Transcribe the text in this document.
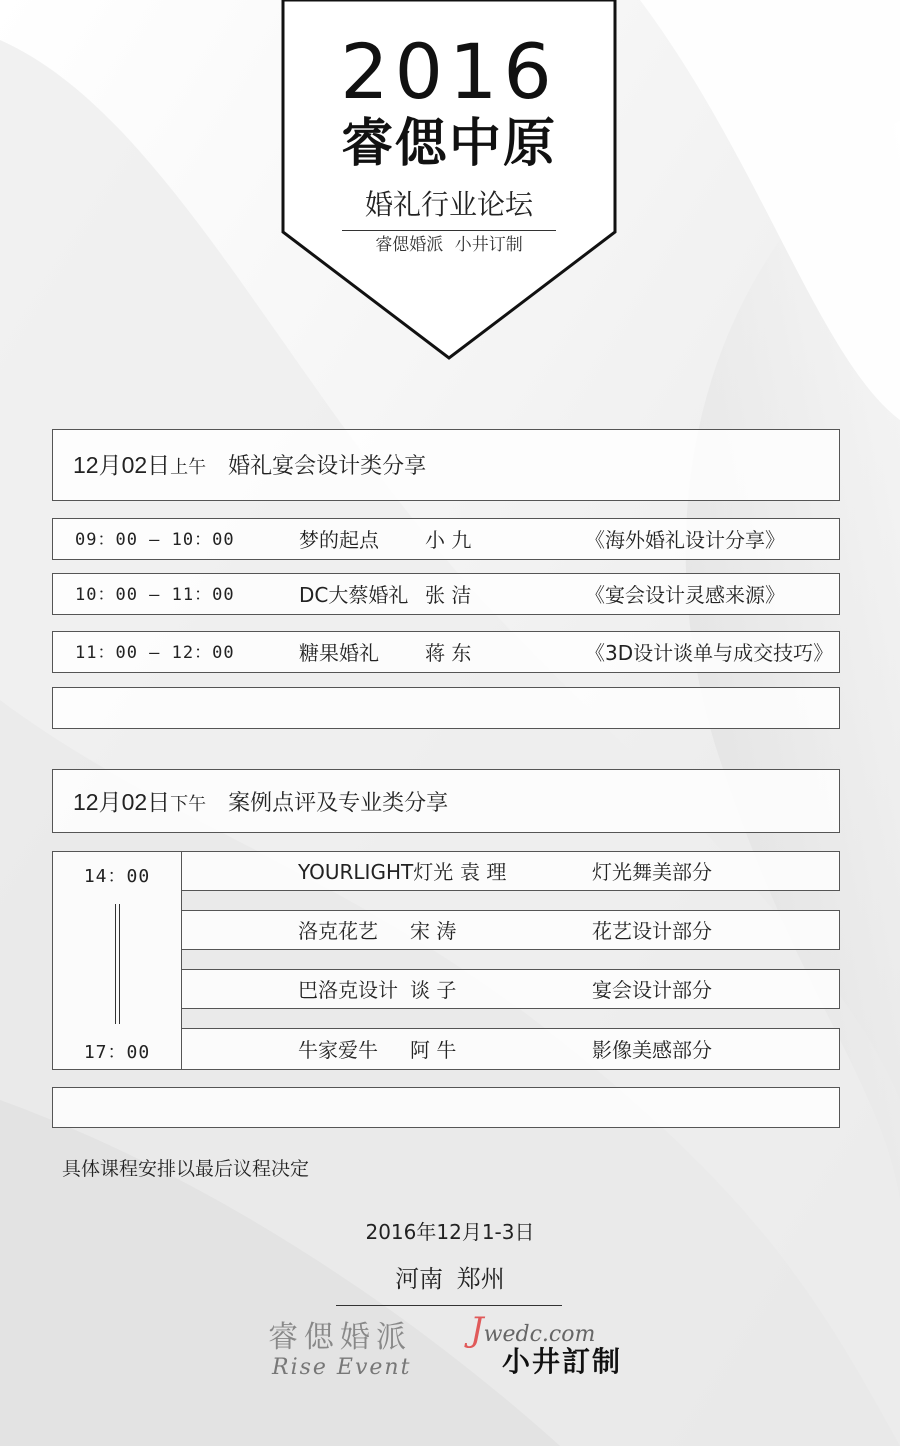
2016
睿偲中原
婚礼行业论坛
睿偲婚派 小井订制
12月02日上午 婚礼宴会设计类分享
09：00 – 10：00	梦的起点 小 九	《海外婚礼设计分享》
10：00 – 11：00	DC大蔡婚礼 张 洁	《宴会设计灵感来源》
11：00 – 12：00	糖果婚礼 蒋 东	《3D设计谈单与成交技巧》
12月02日下午 案例点评及专业类分享
14：00
17：00
YOURLIGHT灯光 袁 理	灯光舞美部分
洛克花艺 宋 涛	花艺设计部分
巴洛克设计 谈 子	宴会设计部分
牛家爱牛 阿 牛	影像美感部分
具体课程安排以最后议程决定
2016年12月1-3日
河南 郑州
睿偲婚派
Rise Event
Jwedc.com
小井訂制
